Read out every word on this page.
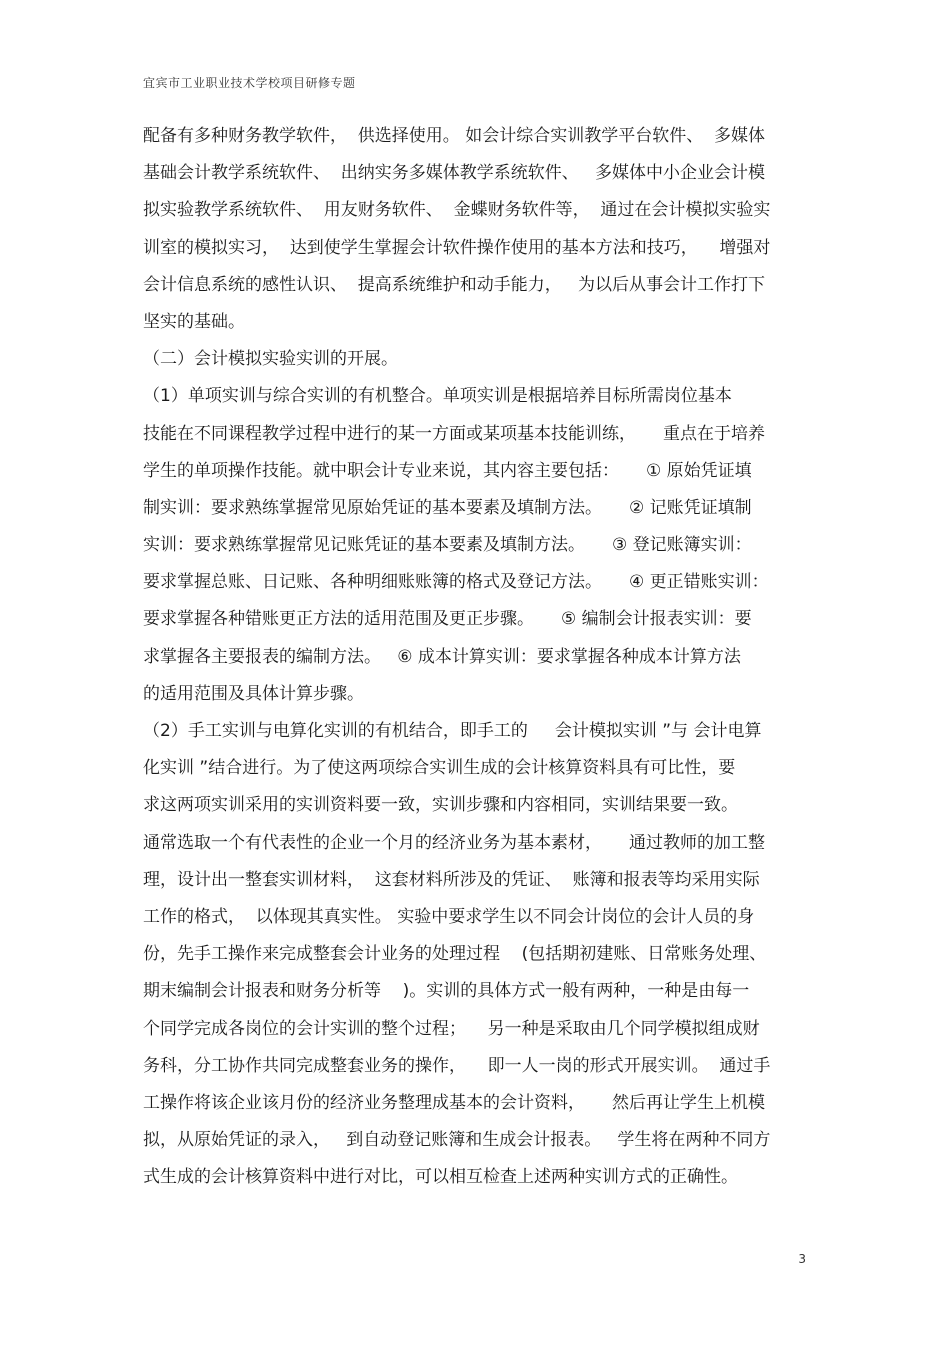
宜宾市工业职业技术学校项目研修专题
配备有多种财务教学软件，  供选择使用。 如会计综合实训教学平台软件、  多媒体
基础会计教学系统软件、  出纳实务多媒体教学系统软件、   多媒体中小企业会计模
拟实验教学系统软件、  用友财务软件、  金蝶财务软件等，  通过在会计模拟实验实
训室的模拟实习，  达到使学生掌握会计软件操作使用的基本方法和技巧，    增强对
会计信息系统的感性认识、  提高系统维护和动手能力，   为以后从事会计工作打下
坚实的基础。
（二）会计模拟实验实训的开展。
（1）单项实训与综合实训的有机整合。单项实训是根据培养目标所需岗位基本
技能在不同课程教学过程中进行的某一方面或某项基本技能训练，     重点在于培养
学生的单项操作技能。就中职会计专业来说，其内容主要包括：     ① 原始凭证填
制实训：要求熟练掌握常见原始凭证的基本要素及填制方法。     ② 记账凭证填制
实训：要求熟练掌握常见记账凭证的基本要素及填制方法。     ③ 登记账簿实训：
要求掌握总账、日记账、各种明细账账簿的格式及登记方法。     ④ 更正错账实训：
要求掌握各种错账更正方法的适用范围及更正步骤。     ⑤ 编制会计报表实训：要
求掌握各主要报表的编制方法。   ⑥ 成本计算实训：要求掌握各种成本计算方法
的适用范围及具体计算步骤。
（2）手工实训与电算化实训的有机结合，即手工的     会计模拟实训 ”与 会计电算
化实训 ”结合进行。为了使这两项综合实训生成的会计核算资料具有可比性，要
求这两项实训采用的实训资料要一致，实训步骤和内容相同，实训结果要一致。
通常选取一个有代表性的企业一个月的经济业务为基本素材，     通过教师的加工整
理，设计出一整套实训材料，  这套材料所涉及的凭证、  账簿和报表等均采用实际
工作的格式，  以体现其真实性。 实验中要求学生以不同会计岗位的会计人员的身
份，先手工操作来完成整套会计业务的处理过程    (包括期初建账、日常账务处理、
期末编制会计报表和财务分析等    )。实训的具体方式一般有两种，一种是由每一
个同学完成各岗位的会计实训的整个过程；    另一种是采取由几个同学模拟组成财
务科，分工协作共同完成整套业务的操作，    即一人一岗的形式开展实训。  通过手
工操作将该企业该月份的经济业务整理成基本的会计资料，     然后再让学生上机模
拟，从原始凭证的录入，   到自动登记账簿和生成会计报表。   学生将在两种不同方
式生成的会计核算资料中进行对比，可以相互检查上述两种实训方式的正确性。
3
